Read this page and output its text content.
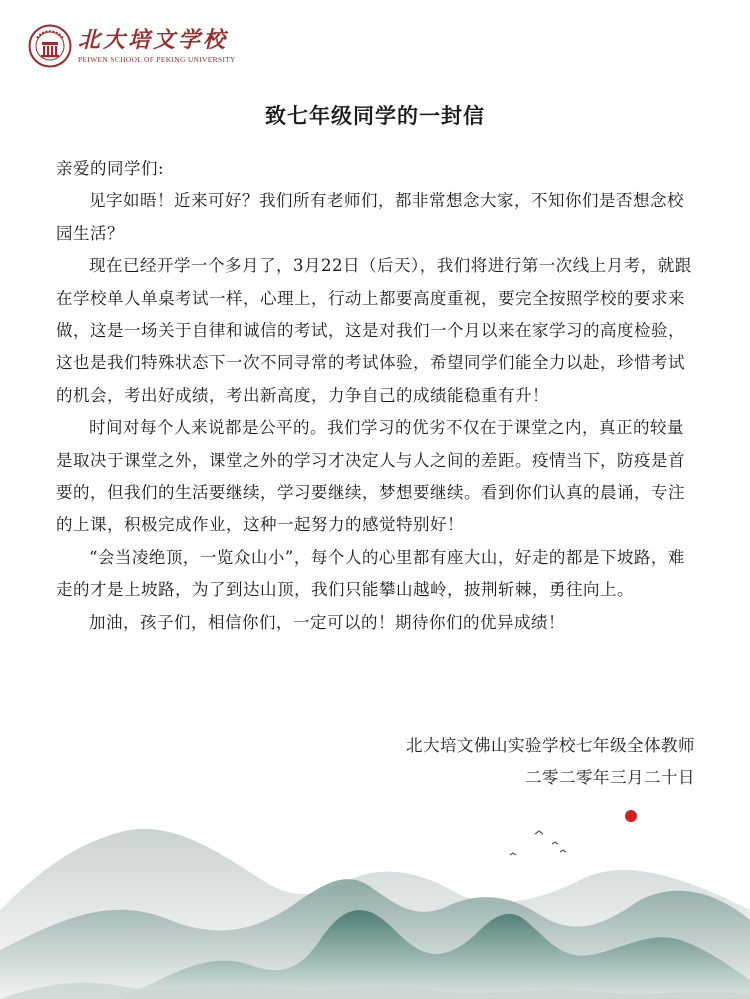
北大培文学校
PEIWEN SCHOOL OF PEKING UNIVERSITY
致七年级同学的一封信

亲爱的同学们:

见字如晤！近来可好？我们所有老师们，都非常想念大家，不知你们是否想念校园生活？

现在已经开学一个多月了，3月22日（后天），我们将进行第一次线上月考，就跟在学校单人单桌考试一样，心理上，行动上都要高度重视，要完全按照学校的要求来做，这是一场关于自律和诚信的考试，这是对我们一个月以来在家学习的高度检验，这也是我们特殊状态下一次不同寻常的考试体验，希望同学们能全力以赴，珍惜考试的机会，考出好成绩，考出新高度，力争自己的成绩能稳重有升！

时间对每个人来说都是公平的。我们学习的优劣不仅在于课堂之内，真正的较量是取决于课堂之外，课堂之外的学习才决定人与人之间的差距。疫情当下，防疫是首要的，但我们的生活要继续，学习要继续，梦想要继续。看到你们认真的晨诵，专注的上课，积极完成作业，这种一起努力的感觉特别好！

“会当凌绝顶，一览众山小”，每个人的心里都有座大山，好走的都是下坡路，难走的才是上坡路，为了到达山顶，我们只能攀山越岭，披荆斩棘，勇往向上。

加油，孩子们，相信你们，一定可以的！期待你们的优异成绩！

北大培文佛山实验学校七年级全体教师
二零二零年三月二十日
